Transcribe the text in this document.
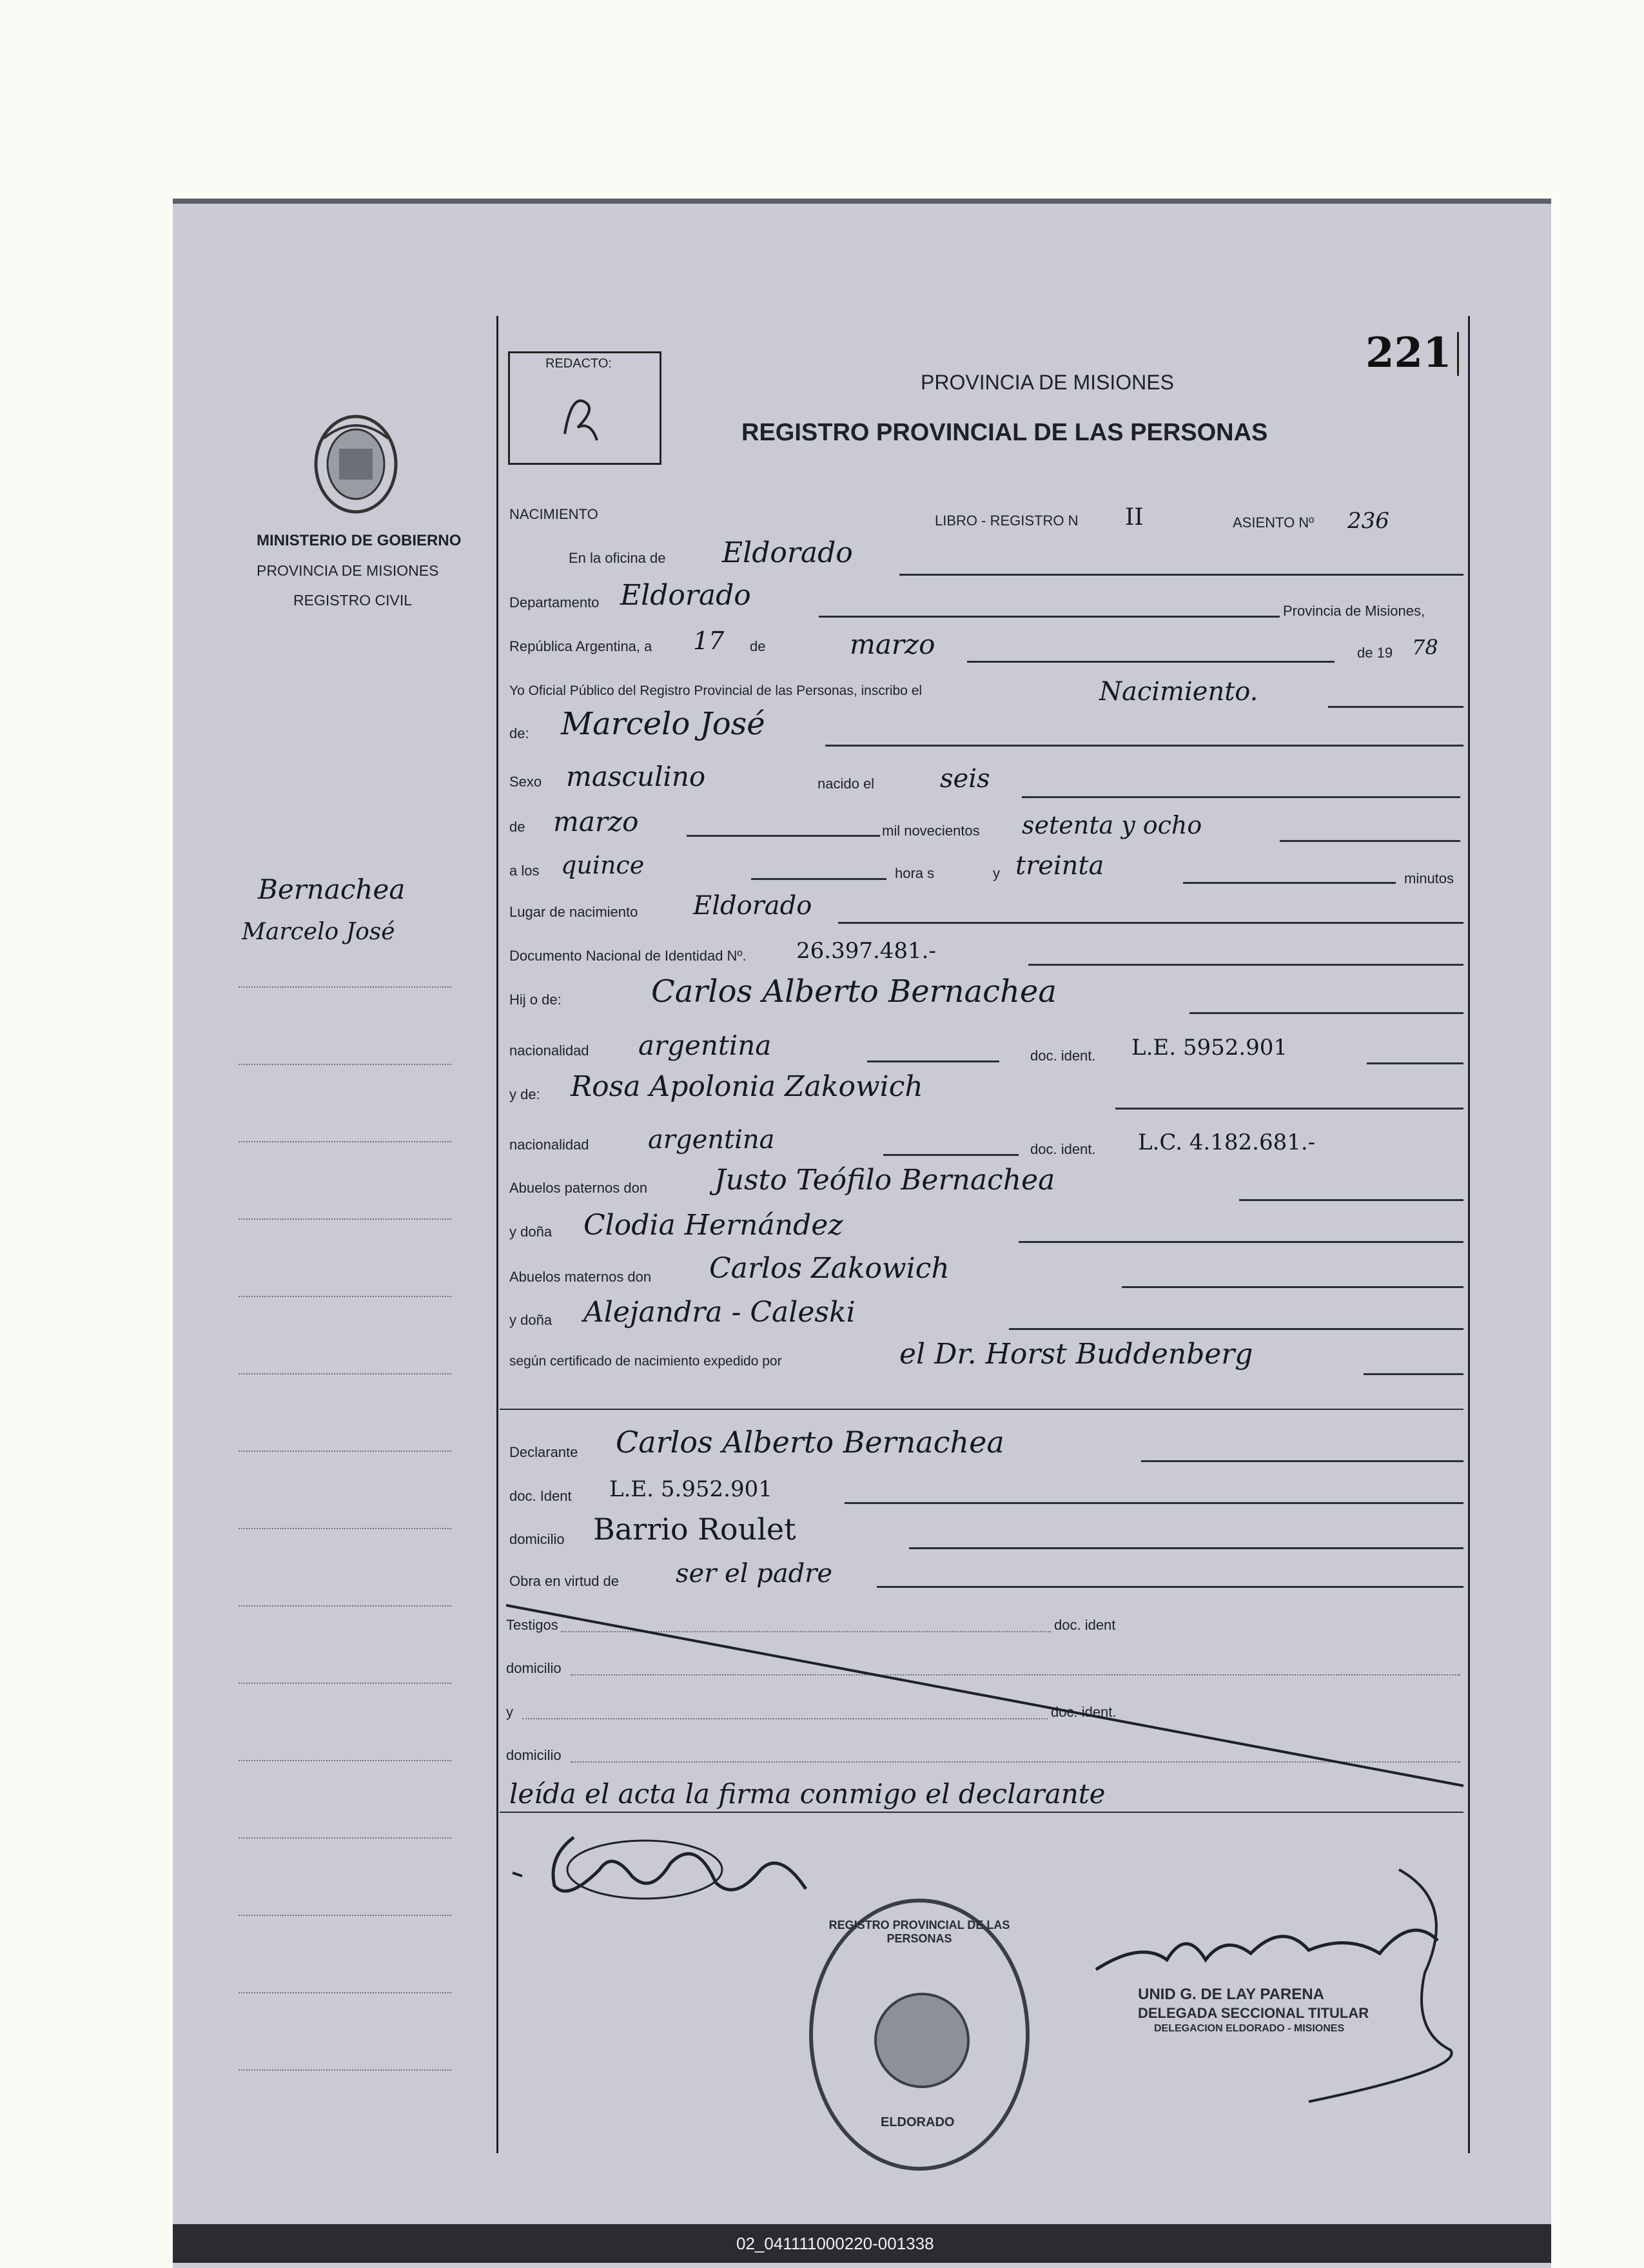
221
MINISTERIO DE GOBIERNO
PROVINCIA DE MISIONES
REGISTRO CIVIL
Bernachea
Marcelo José
REDACTO:
PROVINCIA DE MISIONES
REGISTRO PROVINCIAL DE LAS PERSONAS
NACIMIENTO	LIBRO - REGISTRO N II	ASIENTO Nº 236
En la oficina de Eldorado
Departamento Eldorado	Provincia de Misiones,
República Argentina, a 17 de	marzo	de 19 78
Yo Oficial Público del Registro Provincial de las Personas, inscribo el	Nacimiento.
de: Marcelo José
Sexo masculino	nacido el	seis
de marzo	mil novecientos setenta y ocho
a los quince	hora s	y treinta	minutos
Lugar de nacimiento Eldorado
Documento Nacional de Identidad Nº. 26.397.481.-
Hij o de:	Carlos Alberto Bernachea
nacionalidad argentina	doc. ident. L.E. 5952.901
y de: Rosa Apolonia Zakowich
nacionalidad argentina	doc. ident. L.C. 4.182.681.-
Abuelos paternos don Justo Teófilo Bernachea
y doña Clodia Hernández
Abuelos maternos don Carlos Zakowich
y doña Alejandra - Caleski
según certificado de nacimiento expedido por	el Dr. Horst Buddenberg
Declarante Carlos Alberto Bernachea
doc. Ident L.E. 5.952.901
domicilio Barrio Roulet
Obra en virtud de ser el padre
Testigos	doc. ident
domicilio
y	doc. ident.
domicilio
leída el acta la firma conmigo el declarante
REGISTRO PROVINCIAL DE LAS PERSONAS
ELDORADO
UNID G. DE LAY PARENA
DELEGADA SECCIONAL TITULAR
DELEGACION ELDORADO - MISIONES
02_041111000220-001338
